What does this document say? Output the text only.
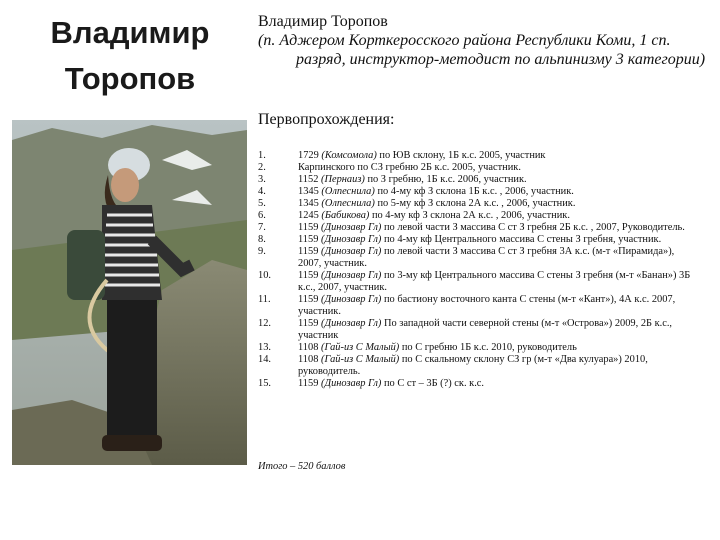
Владимир
Торопов
Владимир Торопов
(п. Аджером Корткеросского района Республики Коми, 1 сп. разряд, инструктор-методист по альпинизму 3 категории)
Первопрохождения:
1.	1729 (Комсомола) по ЮВ склону, 1Б к.с. 2005, участник
2.	Карпинского по СЗ гребню 2Б к.с. 2005, участник.
3.	1152 (Пернаиз) по З гребню, 1Б к.с. 2006, участник.
4.	1345 (Олпеснила) по 4-му кф З склона 1Б к.с. , 2006, участник.
5.	1345 (Олпеснила) по 5-му кф З склона 2А к.с. , 2006, участник.
6.	1245 (Бабикова) по 4-му кф З склона 2А к.с. , 2006, участник.
7.	1159 (Динозавр Гл) по левой части З массива С ст З гребня 2Б к.с. , 2007, Руководитель.
8.	1159 (Динозавр Гл) по 4-му кф Центрального массива С стены З гребня, участник.
9.	1159 (Динозавр Гл) по левой части З массива С ст З гребня 3А к.с. (м-т «Пирамида»), 2007, участник.
10.	1159 (Динозавр Гл) по 3-му кф Центрального массива С стены З гребня (м-т «Банан») 3Б к.с., 2007, участник.
11.	1159 (Динозавр Гл) по бастиону восточного канта С стены (м-т «Кант»), 4А к.с. 2007, участник.
12.	1159 (Динозавр Гл) По западной части северной стены (м-т «Острова») 2009, 2Б к.с., участник
13.	1108 (Гай-из С Малый) по С гребню 1Б к.с. 2010, руководитель
14.	1108 (Гай-из С Малый) по С скальному склону СЗ гр (м-т «Два кулуара») 2010, руководитель.
15.	1159 (Динозавр Гл) по С ст – 3Б (?) ск. к.с.
Итого – 520 баллов
